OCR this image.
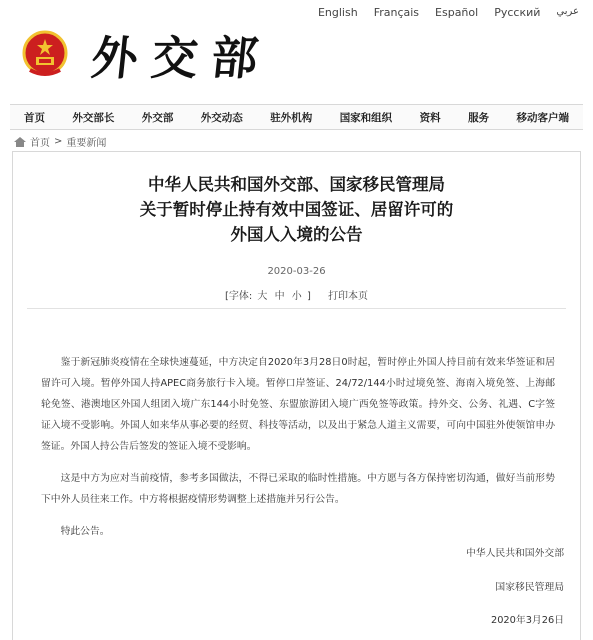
English Français Español Русский عربي
外交部
首页	外交部长	外交部	外交动态	驻外机构	国家和组织	资料	服务	移动客户端
首页 > 重要新闻
中华人民共和国外交部、国家移民管理局
关于暂时停止持有效中国签证、居留许可的
外国人入境的公告
2020-03-26
[字体: 大 中 小 ] 打印本页

鉴于新冠肺炎疫情在全球快速蔓延，中方决定自2020年3月28日0时起，暂时停止外国人持目前有效来华签证和居留许可入境。暂停外国人持APEC商务旅行卡入境。暂停口岸签证、24/72/144小时过境免签、海南入境免签、上海邮轮免签、港澳地区外国人组团入境广东144小时免签、东盟旅游团入境广西免签等政策。持外交、公务、礼遇、C字签证入境不受影响。外国人如来华从事必要的经贸、科技等活动，以及出于紧急人道主义需要，可向中国驻外使领馆申办签证。外国人持公告后签发的签证入境不受影响。

这是中方为应对当前疫情，参考多国做法，不得已采取的临时性措施。中方愿与各方保持密切沟通，做好当前形势下中外人员往来工作。中方将根据疫情形势调整上述措施并另行公告。

特此公告。

中华人民共和国外交部
国家移民管理局
2020年3月26日
